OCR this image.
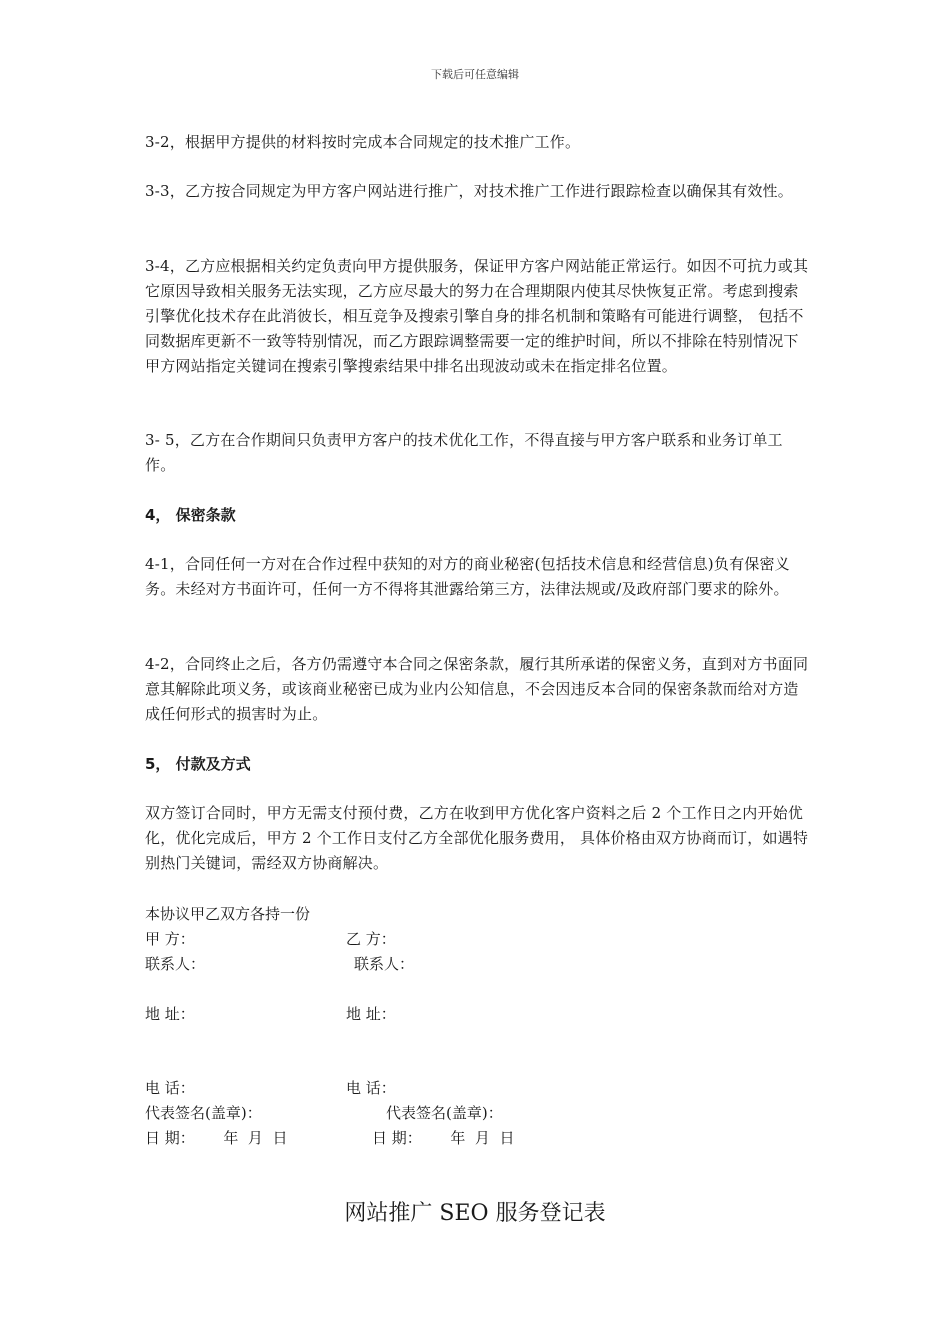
下载后可任意编辑

3-2，根据甲方提供的材料按时完成本合同规定的技术推广工作。

3-3，乙方按合同规定为甲方客户网站进行推广，对技术推广工作进行跟踪检查以确保其有效性。

3-4，乙方应根据相关约定负责向甲方提供服务，保证甲方客户网站能正常运行。如因不可抗力或其它原因导致相关服务无法实现，乙方应尽最大的努力在合理期限内使其尽快恢复正常。考虑到搜索引擎优化技术存在此消彼长，相互竞争及搜索引擎自身的排名机制和策略有可能进行调整， 包括不同数据库更新不一致等特别情况，而乙方跟踪调整需要一定的维护时间，所以不排除在特别情况下甲方网站指定关键词在搜索引擎搜索结果中排名出现波动或未在指定排名位置。

3- 5，乙方在合作期间只负责甲方客户的技术优化工作，不得直接与甲方客户联系和业务订单工作。

4， 保密条款

4-1，合同任何一方对在合作过程中获知的对方的商业秘密(包括技术信息和经营信息)负有保密义务。未经对方书面许可，任何一方不得将其泄露给第三方，法律法规或/及政府部门要求的除外。

4-2，合同终止之后，各方仍需遵守本合同之保密条款，履行其所承诺的保密义务，直到对方书面同意其解除此项义务，或该商业秘密已成为业内公知信息，不会因违反本合同的保密条款而给对方造成任何形式的损害时为止。

5， 付款及方式

双方签订合同时，甲方无需支付预付费，乙方在收到甲方优化客户资料之后 2 个工作日之内开始优化，优化完成后，甲方 2 个工作日支付乙方全部优化服务费用， 具体价格由双方协商而订，如遇特别热门关键词，需经双方协商解决。

本协议甲乙双方各持一份

甲 方：	乙 方：

联系人：	联系人：

地 址：	地 址：

电 话：	电 话：

代表签名(盖章)：	代表签名(盖章)：

日 期：      年  月  日	日 期：      年  月  日

网站推广 SEO 服务登记表
